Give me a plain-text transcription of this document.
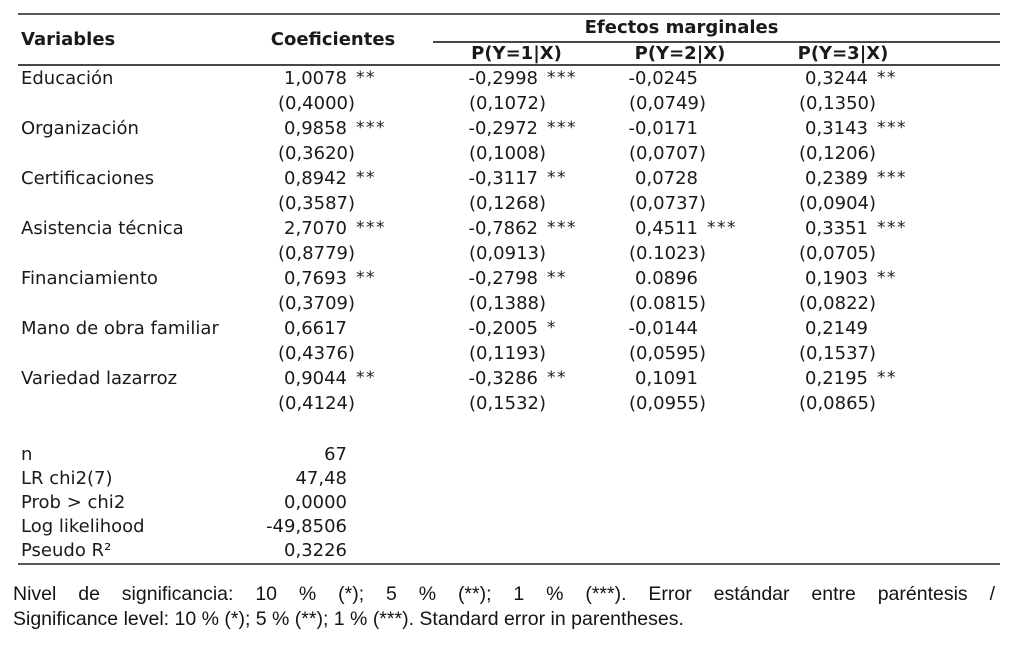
Variables	Coeficientes	Efectos marginales
P(Y=1|X)	P(Y=2|X)	P(Y=3|X)	
Educación	1,0078	**	-0,2998	***	-0,0245		0,3244	**	
	(0,4000)		(0,1072)		(0,0749)		(0,1350)		
Organización	0,9858	***	-0,2972	***	-0,0171		0,3143	***	
	(0,3620)		(0,1008)		(0,0707)		(0,1206)		
Certificaciones	0,8942	**	-0,3117	**	0,0728		0,2389	***	
	(0,3587)		(0,1268)		(0,0737)		(0,0904)		
Asistencia técnica	2,7070	***	-0,7862	***	0,4511	***	0,3351	***	
	(0,8779)		(0,0913)		(0.1023)		(0,0705)		
Financiamiento	0,7693	**	-0,2798	**	0.0896		0,1903	**	
	(0,3709)		(0,1388)		(0.0815)		(0,0822)		
Mano de obra familiar	0,6617		-0,2005	*	-0,0144		0,2149		
	(0,4376)		(0,1193)		(0,0595)		(0,1537)		
Variedad lazarroz	0,9044	**	-0,3286	**	0,1091		0,2195	**	
	(0,4124)		(0,1532)		(0,0955)		(0,0865)		

n	67	
LR chi2(7)	47,48	
Prob > chi2	0,0000	
Log likelihood	-49,8506	
Pseudo R²	0,3226	
Nivel de significancia: 10 % (*); 5 % (**); 1 % (***). Error estándar entre paréntesis /
Significance level: 10 % (*); 5 % (**); 1 % (***). Standard error in parentheses.
